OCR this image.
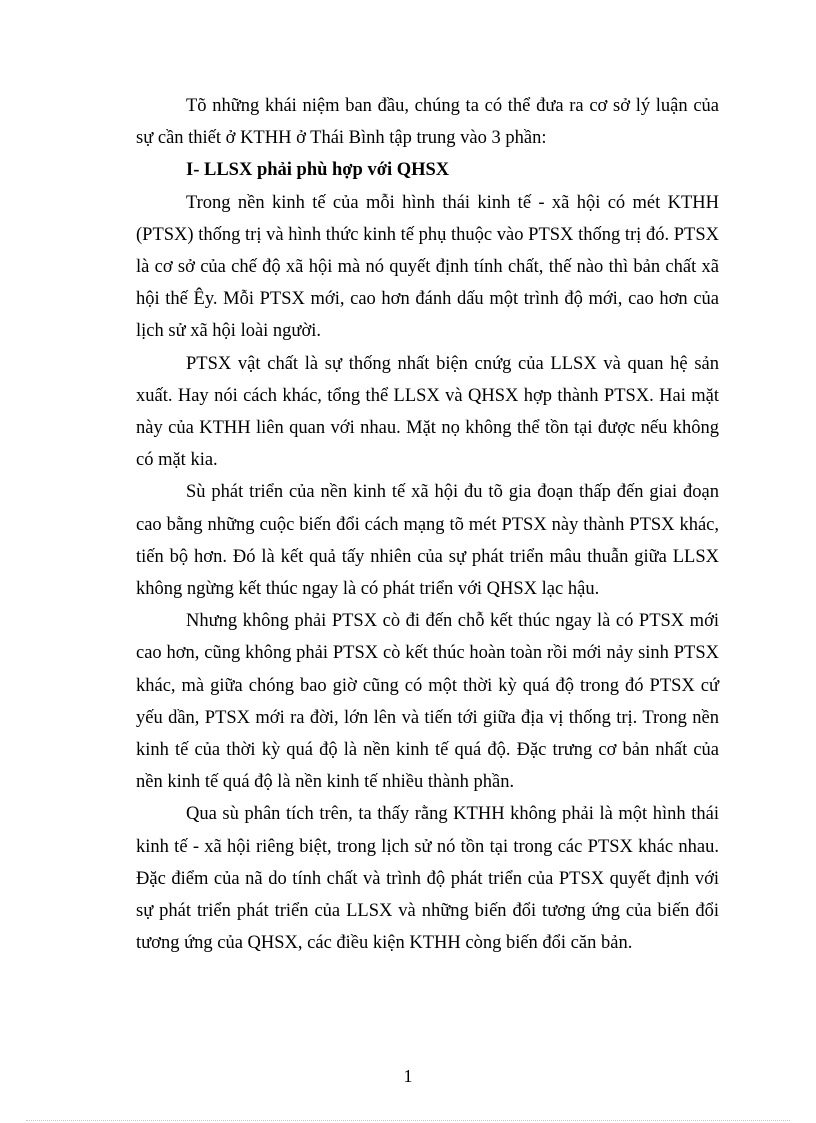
Tõ những khái niệm ban đầu, chúng ta có thể đưa ra cơ sở lý luận của sự cần thiết ở KTHH ở Thái Bình tập trung vào 3 phần:

I- LLSX phải phù hợp với QHSX

Trong nền kinh tế của mỗi hình thái kinh tế - xã hội có mét KTHH (PTSX) thống trị và hình thức kinh tế phụ thuộc vào PTSX thống trị đó. PTSX là cơ sở của chế độ xã hội mà nó quyết định tính chất, thế nào thì bản chất xã hội thế Êy. Mỗi PTSX mới, cao hơn đánh dấu một trình độ mới, cao hơn của lịch sử xã hội loài người.

PTSX vật chất là sự thống nhất biện cnứg của LLSX và quan hệ sản xuất. Hay nói cách khác, tổng thể LLSX và QHSX hợp thành PTSX. Hai mặt này của KTHH liên quan với nhau. Mặt nọ không thể tồn tại được nếu không có mặt kia.

Sù phát triển của nền kinh tế xã hội đu tõ gia đoạn thấp đến giai đoạn cao bằng những cuộc biến đổi cách mạng tõ mét PTSX này thành PTSX khác, tiến bộ hơn. Đó là kết quả tấy nhiên của sự phát triển mâu thuẫn giữa LLSX không ngừng kết thúc ngay là có phát triển với QHSX lạc hậu.

Nhưng không phải PTSX cò đi đến chỗ kết thúc ngay là có PTSX mới cao hơn, cũng không phải PTSX cò kết thúc hoàn toàn rồi mới nảy sinh PTSX khác, mà giữa chóng bao giờ cũng có một thời kỳ quá độ trong đó PTSX cứ yếu dần, PTSX mới ra đời, lớn lên và tiến tới giữa địa vị thống trị. Trong nền kinh tế của thời kỳ quá độ là nền kinh tế quá độ. Đặc trưng cơ bản nhất của nền kinh tế quá độ là nền kinh tế nhiều thành phần.

Qua sù phân tích trên, ta thấy rằng KTHH không phải là một hình thái kinh tế - xã hội riêng biệt, trong lịch sử nó tồn tại trong các PTSX khác nhau. Đặc điểm của nã do tính chất và trình độ phát triển của PTSX quyết định với sự phát triển phát triển của LLSX và những biến đổi tương ứng của biến đổi tương ứng của QHSX, các điều kiện KTHH còng biến đổi căn bản.

1
